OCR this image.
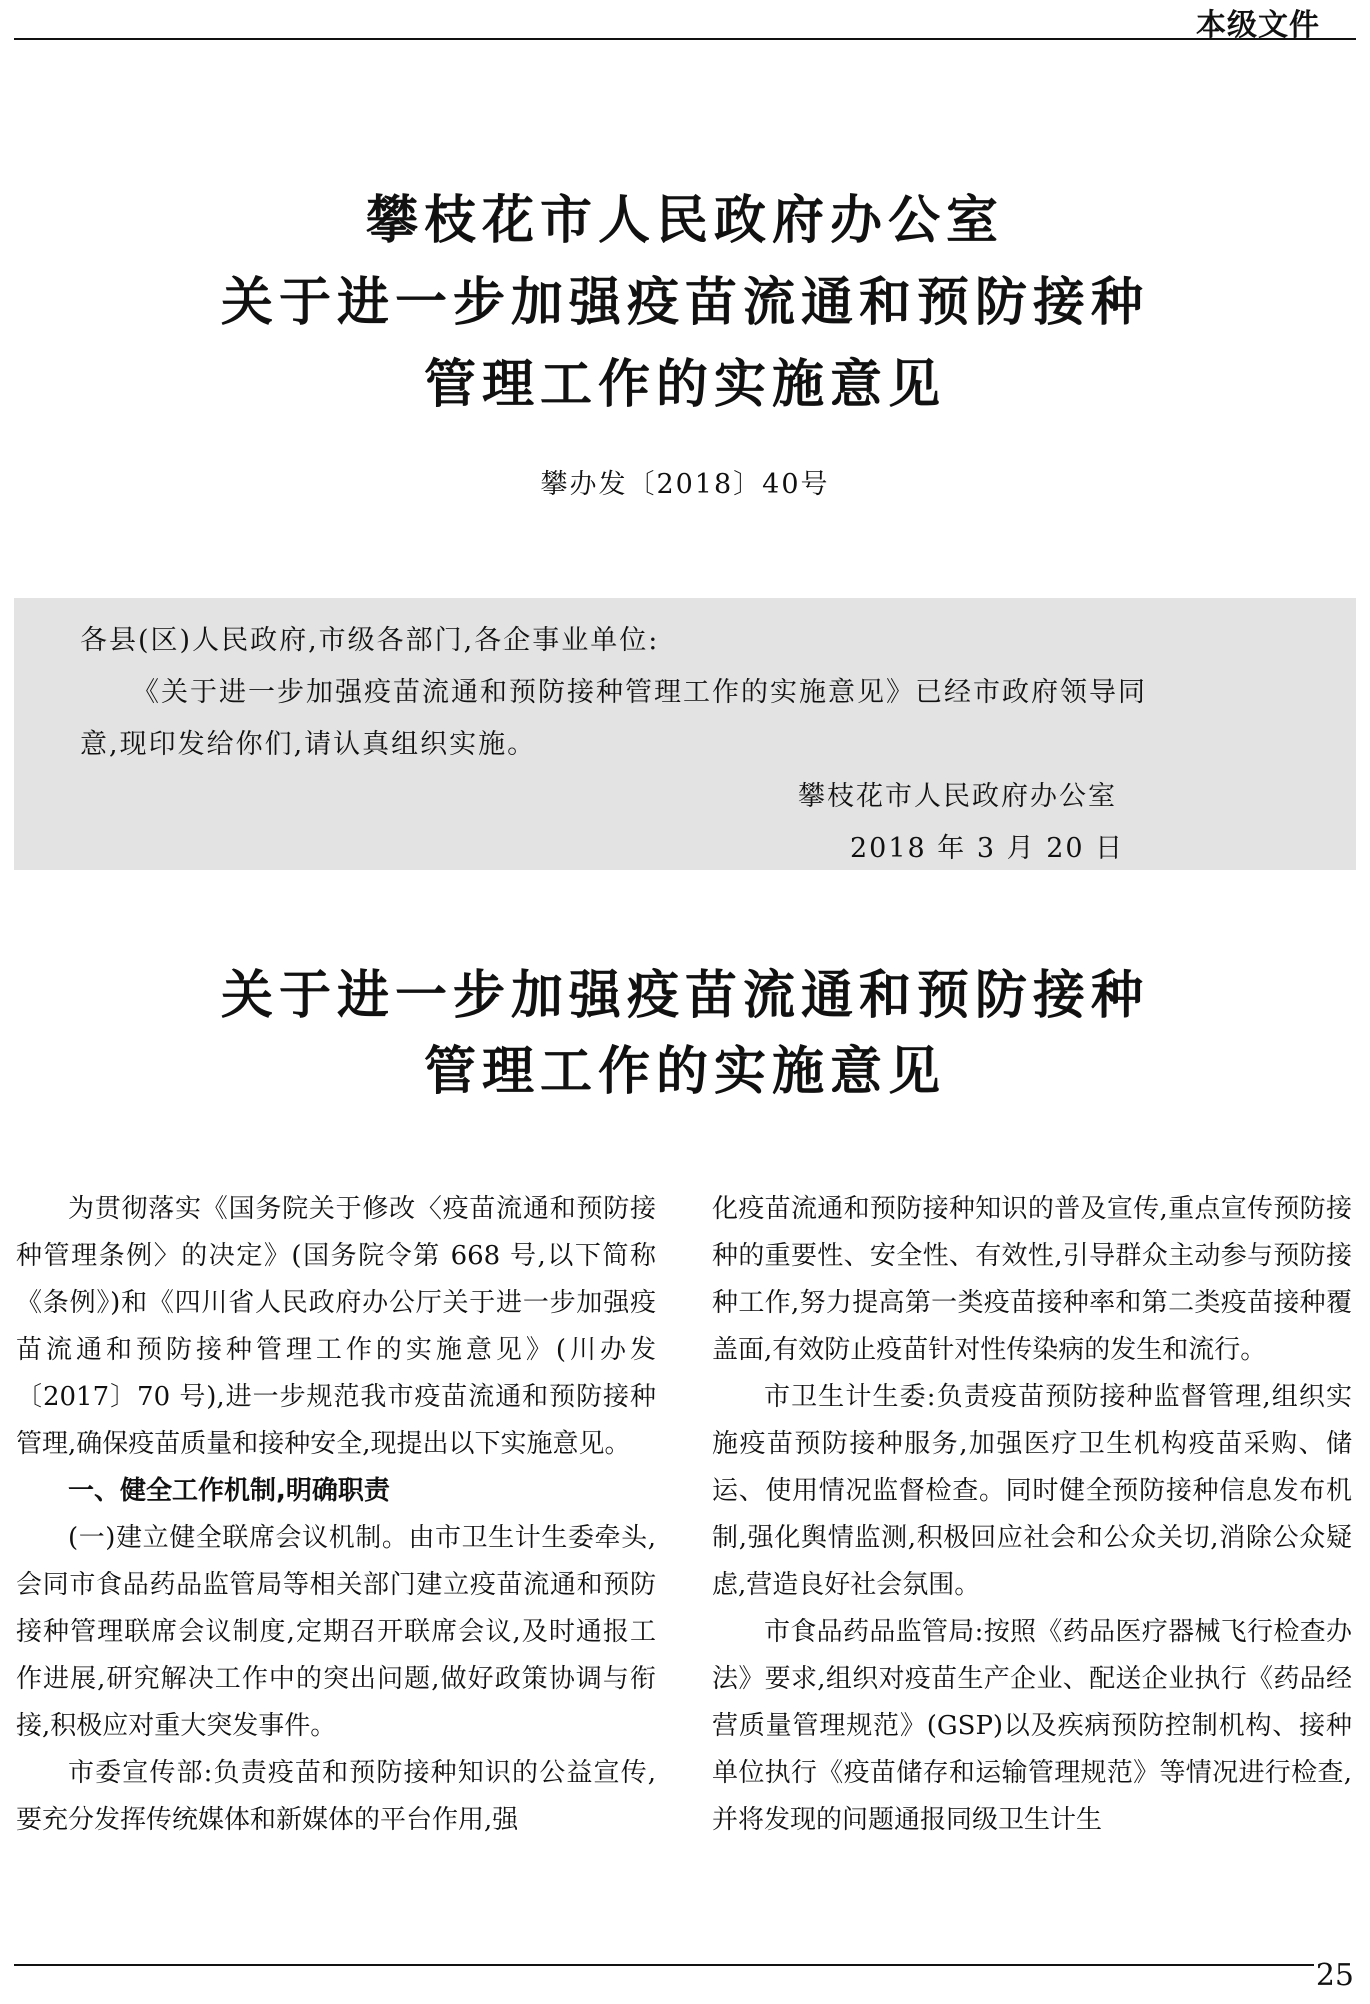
本级文件
攀枝花市人民政府办公室
关于进一步加强疫苗流通和预防接种
管理工作的实施意见
攀办发〔2018〕40号
各县(区)人民政府,市级各部门,各企事业单位:
《关于进一步加强疫苗流通和预防接种管理工作的实施意见》已经市政府领导同
意,现印发给你们,请认真组织实施。
攀枝花市人民政府办公室
2018 年 3 月 20 日
关于进一步加强疫苗流通和预防接种
管理工作的实施意见

为贯彻落实《国务院关于修改〈疫苗流通和预防接种管理条例〉的决定》(国务院令第 668 号,以下简称《条例》)和《四川省人民政府办公厅关于进一步加强疫苗流通和预防接种管理工作的实施意见》(川办发〔2017〕70 号),进一步规范我市疫苗流通和预防接种管理,确保疫苗质量和接种安全,现提出以下实施意见。

一、健全工作机制,明确职责

(一)建立健全联席会议机制。由市卫生计生委牵头,会同市食品药品监管局等相关部门建立疫苗流通和预防接种管理联席会议制度,定期召开联席会议,及时通报工作进展,研究解决工作中的突出问题,做好政策协调与衔接,积极应对重大突发事件。

市委宣传部:负责疫苗和预防接种知识的公益宣传,要充分发挥传统媒体和新媒体的平台作用,强

化疫苗流通和预防接种知识的普及宣传,重点宣传预防接种的重要性、安全性、有效性,引导群众主动参与预防接种工作,努力提高第一类疫苗接种率和第二类疫苗接种覆盖面,有效防止疫苗针对性传染病的发生和流行。

市卫生计生委:负责疫苗预防接种监督管理,组织实施疫苗预防接种服务,加强医疗卫生机构疫苗采购、储运、使用情况监督检查。同时健全预防接种信息发布机制,强化舆情监测,积极回应社会和公众关切,消除公众疑虑,营造良好社会氛围。

市食品药品监管局:按照《药品医疗器械飞行检查办法》要求,组织对疫苗生产企业、配送企业执行《药品经营质量管理规范》(GSP)以及疾病预防控制机构、接种单位执行《疫苗储存和运输管理规范》等情况进行检查,并将发现的问题通报同级卫生计生

25
